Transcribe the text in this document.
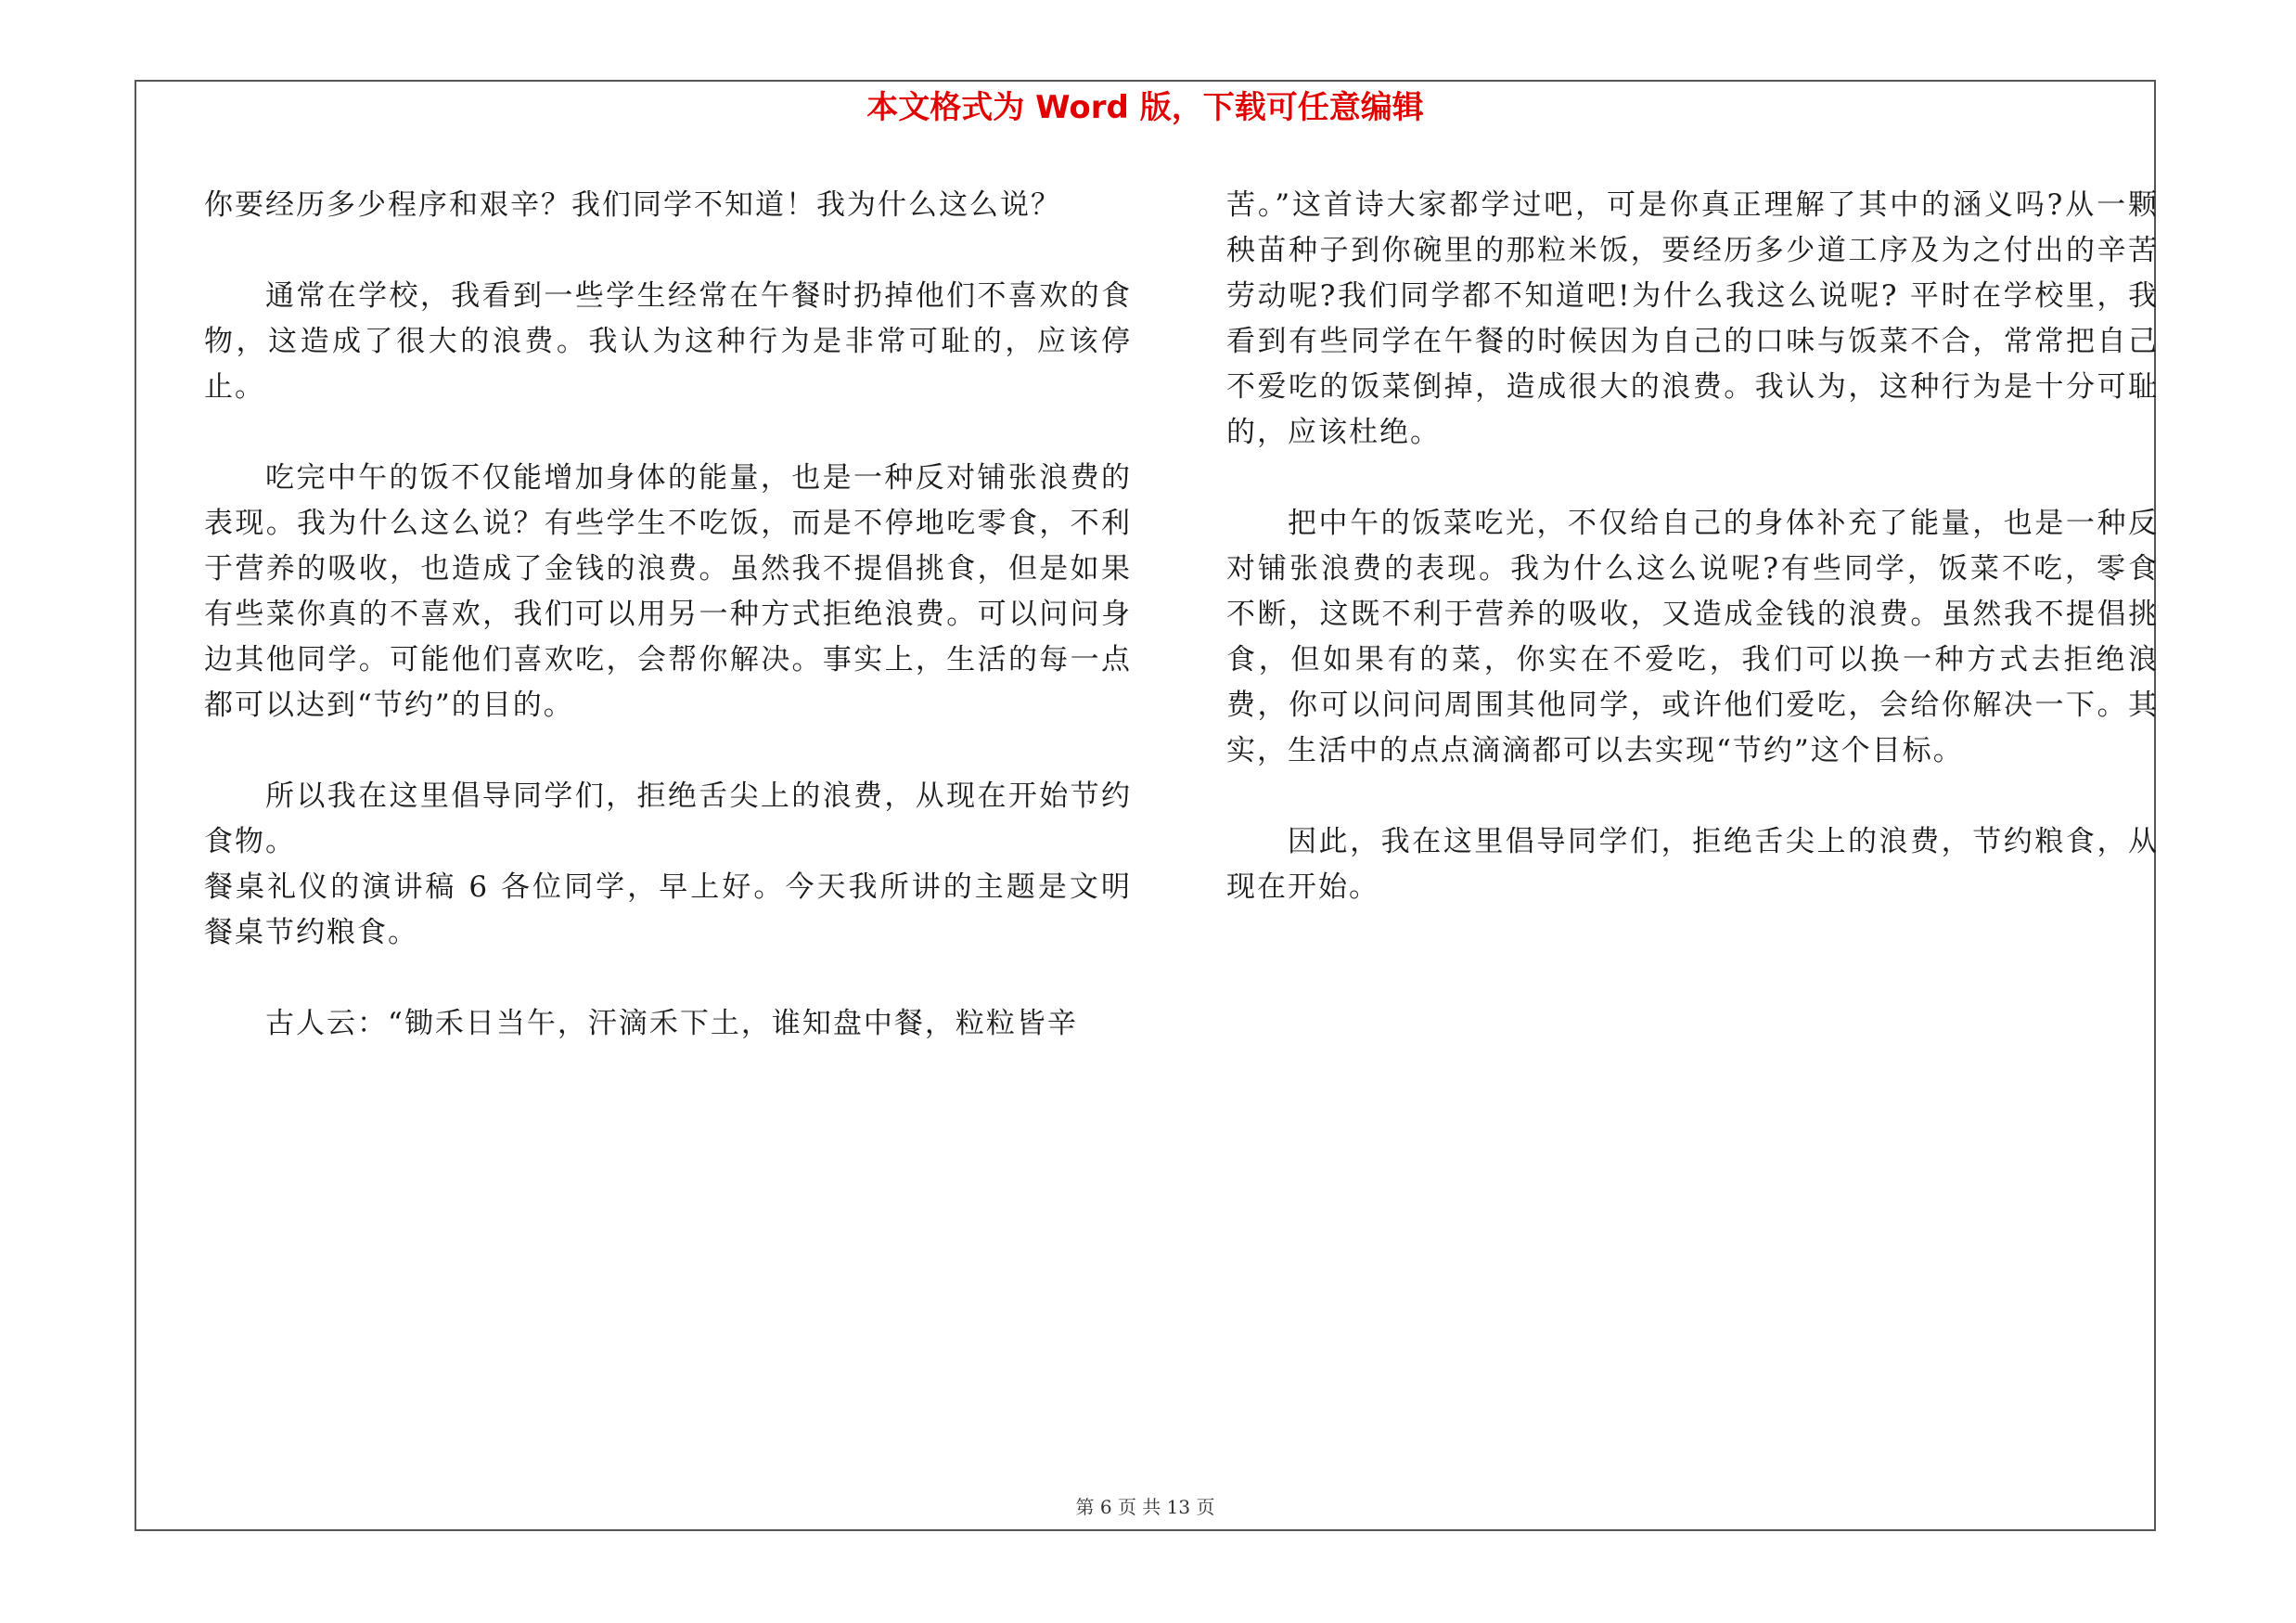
本文格式为 Word 版，下载可任意编辑

你要经历多少程序和艰辛？我们同学不知道！我为什么这么说？

通常在学校，我看到一些学生经常在午餐时扔掉他们不喜欢的食物，这造成了很大的浪费。我认为这种行为是非常可耻的，应该停止。

吃完中午的饭不仅能增加身体的能量，也是一种反对铺张浪费的表现。我为什么这么说？有些学生不吃饭，而是不停地吃零食，不利于营养的吸收，也造成了金钱的浪费。虽然我不提倡挑食，但是如果有些菜你真的不喜欢，我们可以用另一种方式拒绝浪费。可以问问身边其他同学。可能他们喜欢吃，会帮你解决。事实上，生活的每一点都可以达到“节约”的目的。

所以我在这里倡导同学们，拒绝舌尖上的浪费，从现在开始节约食物。

餐桌礼仪的演讲稿 6 各位同学，早上好。今天我所讲的主题是文明餐桌节约粮食。

古人云：“锄禾日当午，汗滴禾下土，谁知盘中餐，粒粒皆辛

苦。”这首诗大家都学过吧，可是你真正理解了其中的涵义吗?从一颗秧苗种子到你碗里的那粒米饭，要经历多少道工序及为之付出的辛苦劳动呢?我们同学都不知道吧!为什么我这么说呢? 平时在学校里，我看到有些同学在午餐的时候因为自己的口味与饭菜不合，常常把自己不爱吃的饭菜倒掉，造成很大的浪费。我认为，这种行为是十分可耻的，应该杜绝。

把中午的饭菜吃光，不仅给自己的身体补充了能量，也是一种反对铺张浪费的表现。我为什么这么说呢?有些同学，饭菜不吃，零食不断，这既不利于营养的吸收，又造成金钱的浪费。虽然我不提倡挑食，但如果有的菜，你实在不爱吃，我们可以换一种方式去拒绝浪费，你可以问问周围其他同学，或许他们爱吃，会给你解决一下。其实，生活中的点点滴滴都可以去实现“节约”这个目标。

因此，我在这里倡导同学们，拒绝舌尖上的浪费，节约粮食，从现在开始。

第 6 页 共 13 页
